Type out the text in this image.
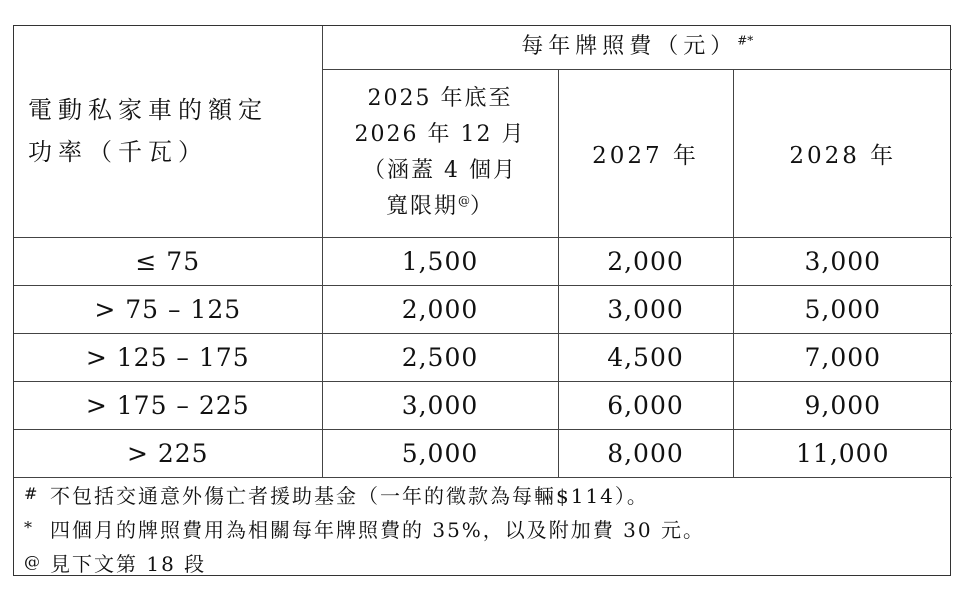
電動私家車的額定
功率（千瓦）	每年牌照費（元）#*
	2025 年底至
2026 年 12 月
（涵蓋 4 個月
寬限期@）	2027 年	2028 年
≤ 75	1,500	2,000	3,000
> 75 – 125	2,000	3,000	5,000
> 125 – 175	2,500	4,500	7,000
> 175 – 225	3,000	6,000	9,000
> 225	5,000	8,000	11,000
# 不包括交通意外傷亡者援助基金（一年的徵款為每輛$114）。
* 四個月的牌照費用為相關每年牌照費的 35%，以及附加費 30 元。
@ 見下文第 18 段
